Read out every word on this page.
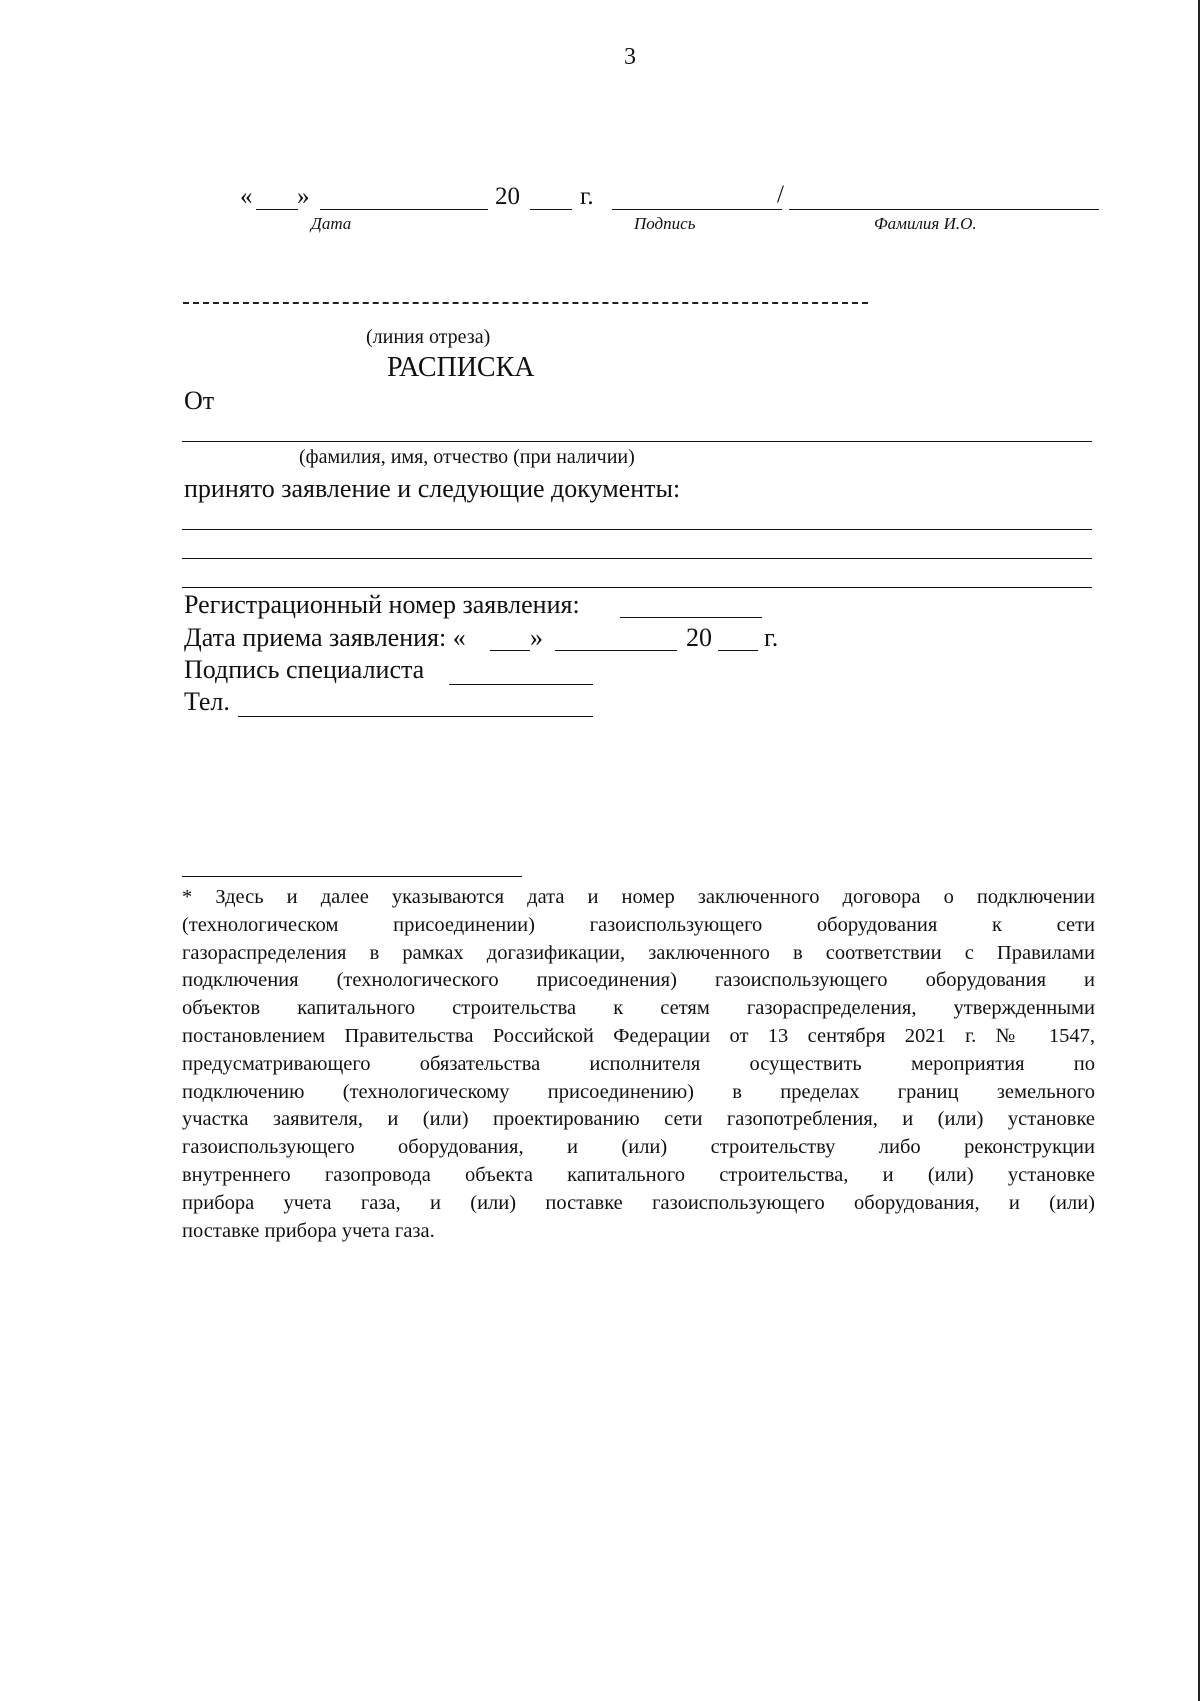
3
« »	20 г.	/
Дата	Подпись	Фамилия И.О.
(линия отреза)
РАСПИСКА
От
(фамилия, имя, отчество (при наличии)
принято заявление и следующие документы:
Регистрационный номер заявления:
Дата приема заявления: « »	20 г.
Подпись специалиста
Тел.
* Здесь и далее указываются дата и номер заключенного договора о подключении
(технологическом присоединении) газоиспользующего оборудования к сети
газораспределения в рамках догазификации, заключенного в соответствии с Правилами
подключения (технологического присоединения) газоиспользующего оборудования и
объектов капитального строительства к сетям газораспределения, утвержденными
постановлением Правительства Российской Федерации от 13 сентября 2021 г. № 1547,
предусматривающего обязательства исполнителя осуществить мероприятия по
подключению (технологическому присоединению) в пределах границ земельного
участка заявителя, и (или) проектированию сети газопотребления, и (или) установке
газоиспользующего оборудования, и (или) строительству либо реконструкции
внутреннего газопровода объекта капитального строительства, и (или) установке
прибора учета газа, и (или) поставке газоиспользующего оборудования, и (или)
поставке прибора учета газа.
